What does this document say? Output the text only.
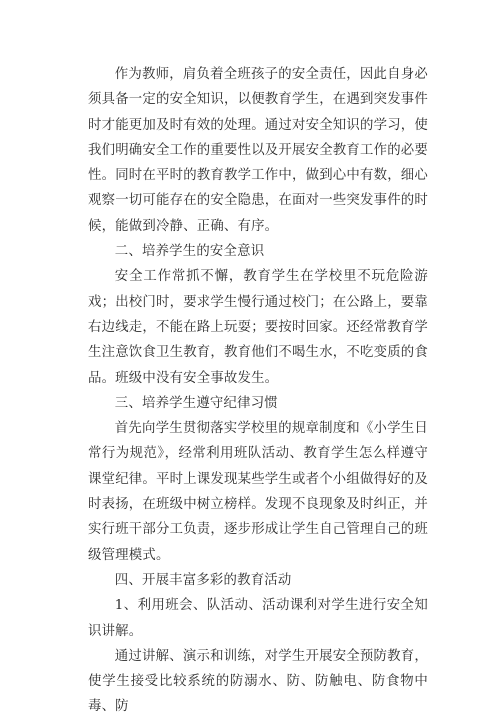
作为教师，肩负着全班孩子的安全责任，因此自身必须具备一定的安全知识，以便教育学生，在遇到突发事件时才能更加及时有效的处理。通过对安全知识的学习，使我们明确安全工作的重要性以及开展安全教育工作的必要性。同时在平时的教育教学工作中，做到心中有数，细心观察一切可能存在的安全隐患，在面对一些突发事件的时候，能做到冷静、正确、有序。

二、培养学生的安全意识

安全工作常抓不懈，教育学生在学校里不玩危险游戏；出校门时，要求学生慢行通过校门；在公路上，要靠右边线走，不能在路上玩耍；要按时回家。还经常教育学生注意饮食卫生教育，教育他们不喝生水，不吃变质的食品。班级中没有安全事故发生。

三、培养学生遵守纪律习惯

首先向学生贯彻落实学校里的规章制度和《小学生日常行为规范》，经常利用班队活动、教育学生怎么样遵守课堂纪律。平时上课发现某些学生或者个小组做得好的及时表扬，在班级中树立榜样。发现不良现象及时纠正，并实行班干部分工负责，逐步形成让学生自己管理自己的班级管理模式。

四、开展丰富多彩的教育活动

1、利用班会、队活动、活动课利对学生进行安全知识讲解。

通过讲解、演示和训练，对学生开展安全预防教育，使学生接受比较系统的防溺水、防、防触电、防食物中毒、防
